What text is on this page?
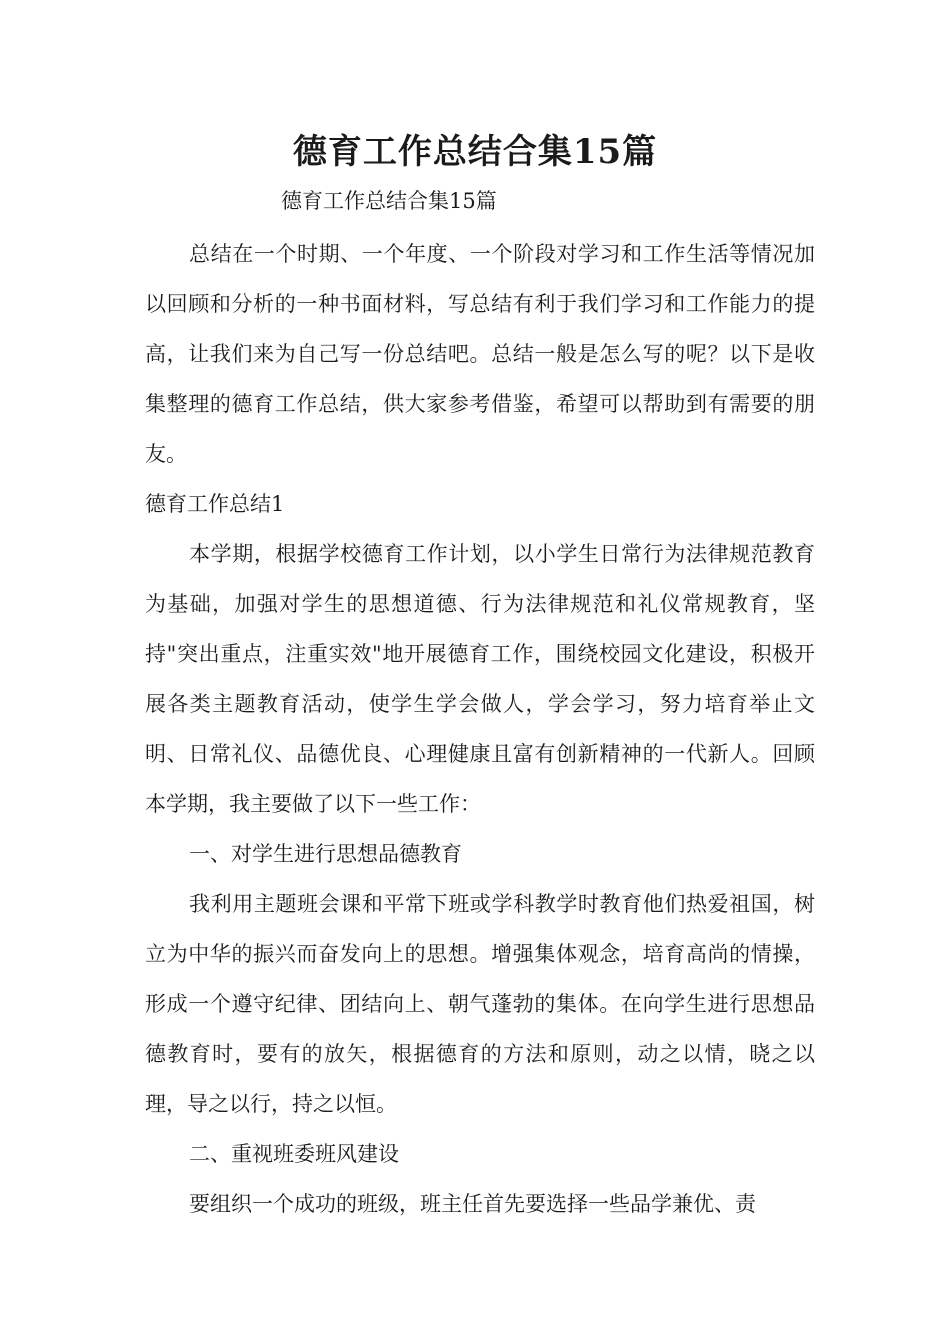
德育工作总结合集15篇
德育工作总结合集15篇

总结在一个时期、一个年度、一个阶段对学习和工作生活等情况加以回顾和分析的一种书面材料，写总结有利于我们学习和工作能力的提高，让我们来为自己写一份总结吧。总结一般是怎么写的呢？以下是收集整理的德育工作总结，供大家参考借鉴，希望可以帮助到有需要的朋友。

德育工作总结1

本学期，根据学校德育工作计划，以小学生日常行为法律规范教育为基础，加强对学生的思想道德、行为法律规范和礼仪常规教育，坚持"突出重点，注重实效"地开展德育工作，围绕校园文化建设，积极开展各类主题教育活动，使学生学会做人，学会学习，努力培育举止文明、日常礼仪、品德优良、心理健康且富有创新精神的一代新人。回顾本学期，我主要做了以下一些工作：

一、对学生进行思想品德教育

我利用主题班会课和平常下班或学科教学时教育他们热爱祖国，树立为中华的振兴而奋发向上的思想。增强集体观念，培育高尚的情操，形成一个遵守纪律、团结向上、朝气蓬勃的集体。在向学生进行思想品德教育时，要有的放矢，根据德育的方法和原则，动之以情，晓之以理，导之以行，持之以恒。

二、重视班委班风建设

要组织一个成功的班级，班主任首先要选择一些品学兼优、责
